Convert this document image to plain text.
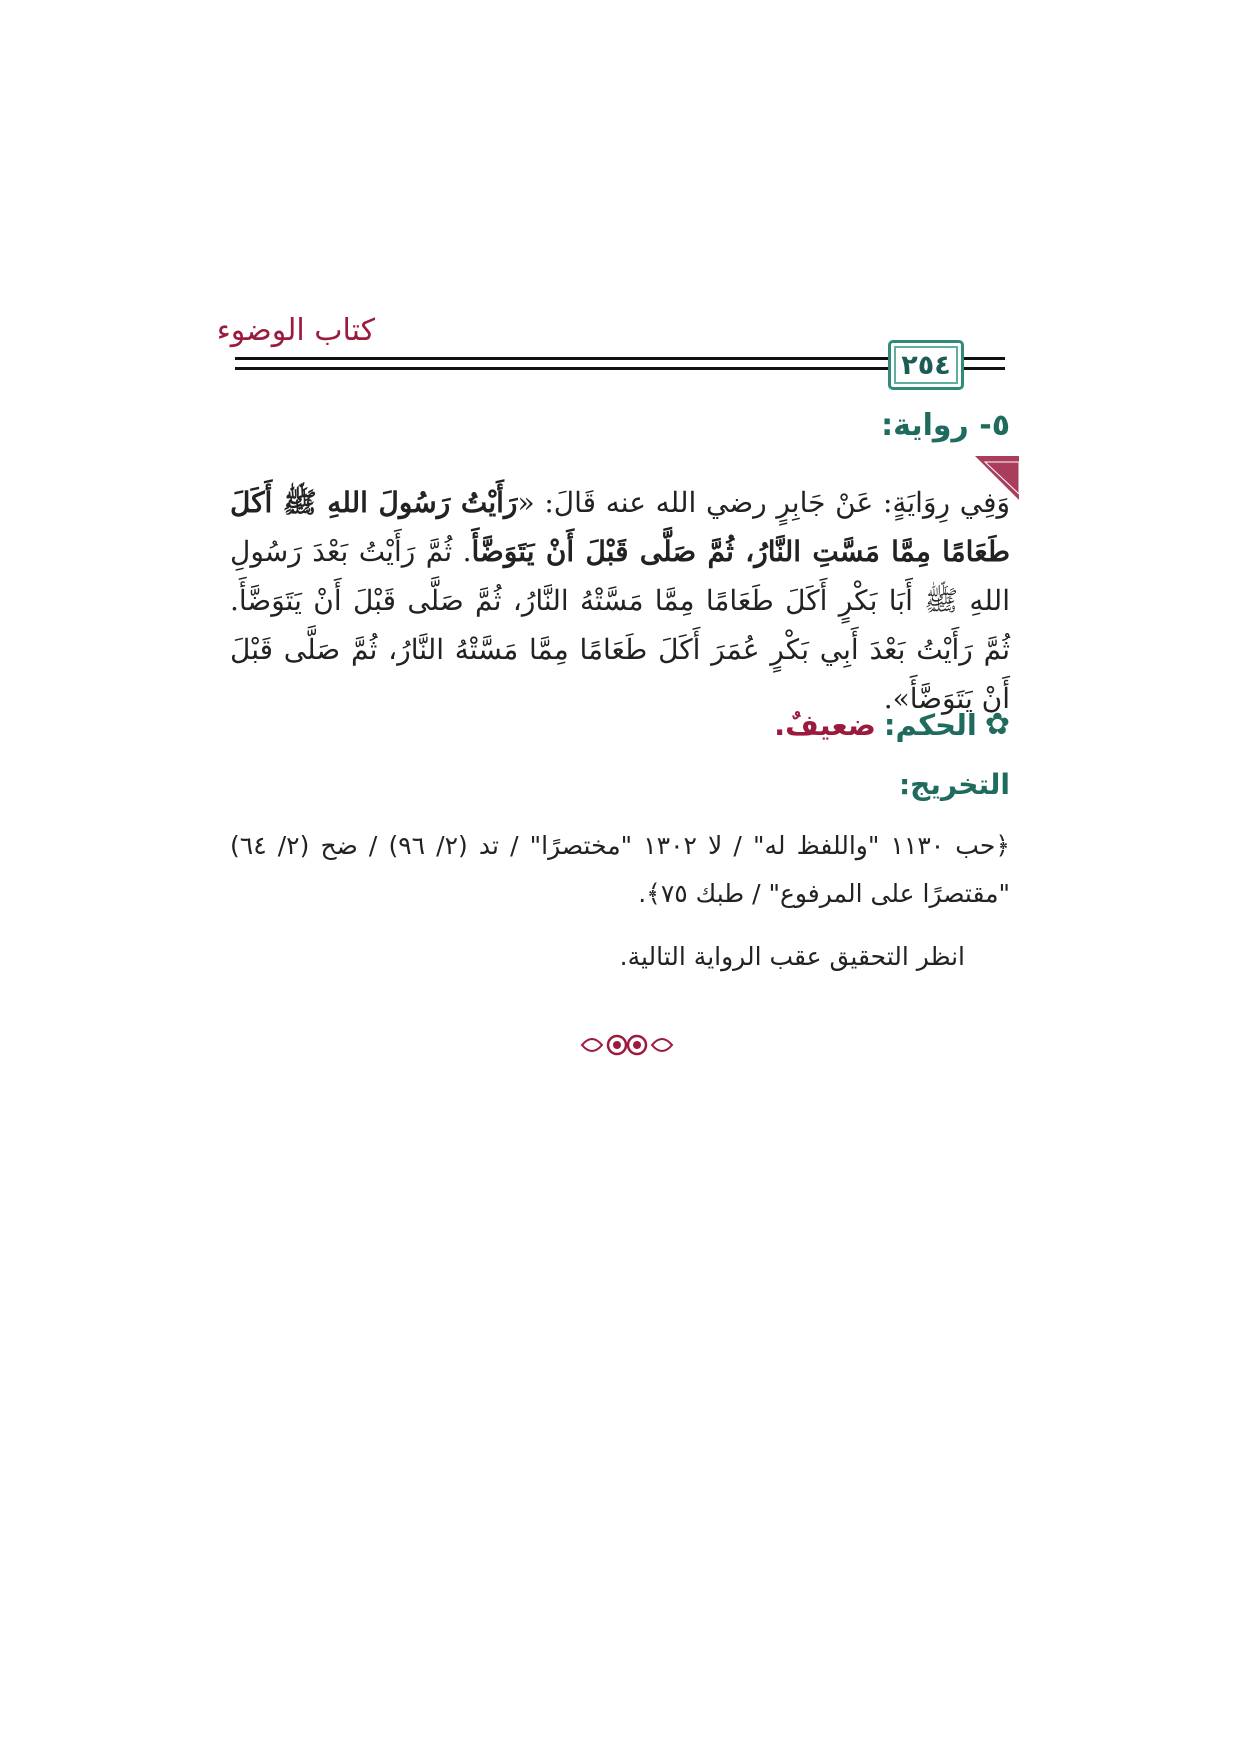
كتاب الوضوء
٢٥٤
٥- رواية:
وَفِي رِوَايَةٍ: عَنْ جَابِرٍ رضي الله عنه قَالَ: «رَأَيْتُ رَسُولَ اللهِ ﷺ أَكَلَ طَعَامًا مِمَّا مَسَّتِ النَّارُ، ثُمَّ صَلَّى قَبْلَ أَنْ يَتَوَضَّأَ. ثُمَّ رَأَيْتُ بَعْدَ رَسُولِ اللهِ ﷺ أَبَا بَكْرٍ أَكَلَ طَعَامًا مِمَّا مَسَّتْهُ النَّارُ، ثُمَّ صَلَّى قَبْلَ أَنْ يَتَوَضَّأَ. ثُمَّ رَأَيْتُ بَعْدَ أَبِي بَكْرٍ عُمَرَ أَكَلَ طَعَامًا مِمَّا مَسَّتْهُ النَّارُ، ثُمَّ صَلَّى قَبْلَ أَنْ يَتَوَضَّأَ».
✿
الحكم:
ضعيفٌ.
التخريج:
﴿حب ١١٣٠ "واللفظ له" / لا ١٣٠٢ "مختصرًا" / تد (٢/ ٩٦) / ضح (٢/ ٦٤) "مقتصرًا على المرفوع" / طبك ٧٥﴾.
انظر التحقيق عقب الرواية التالية.
